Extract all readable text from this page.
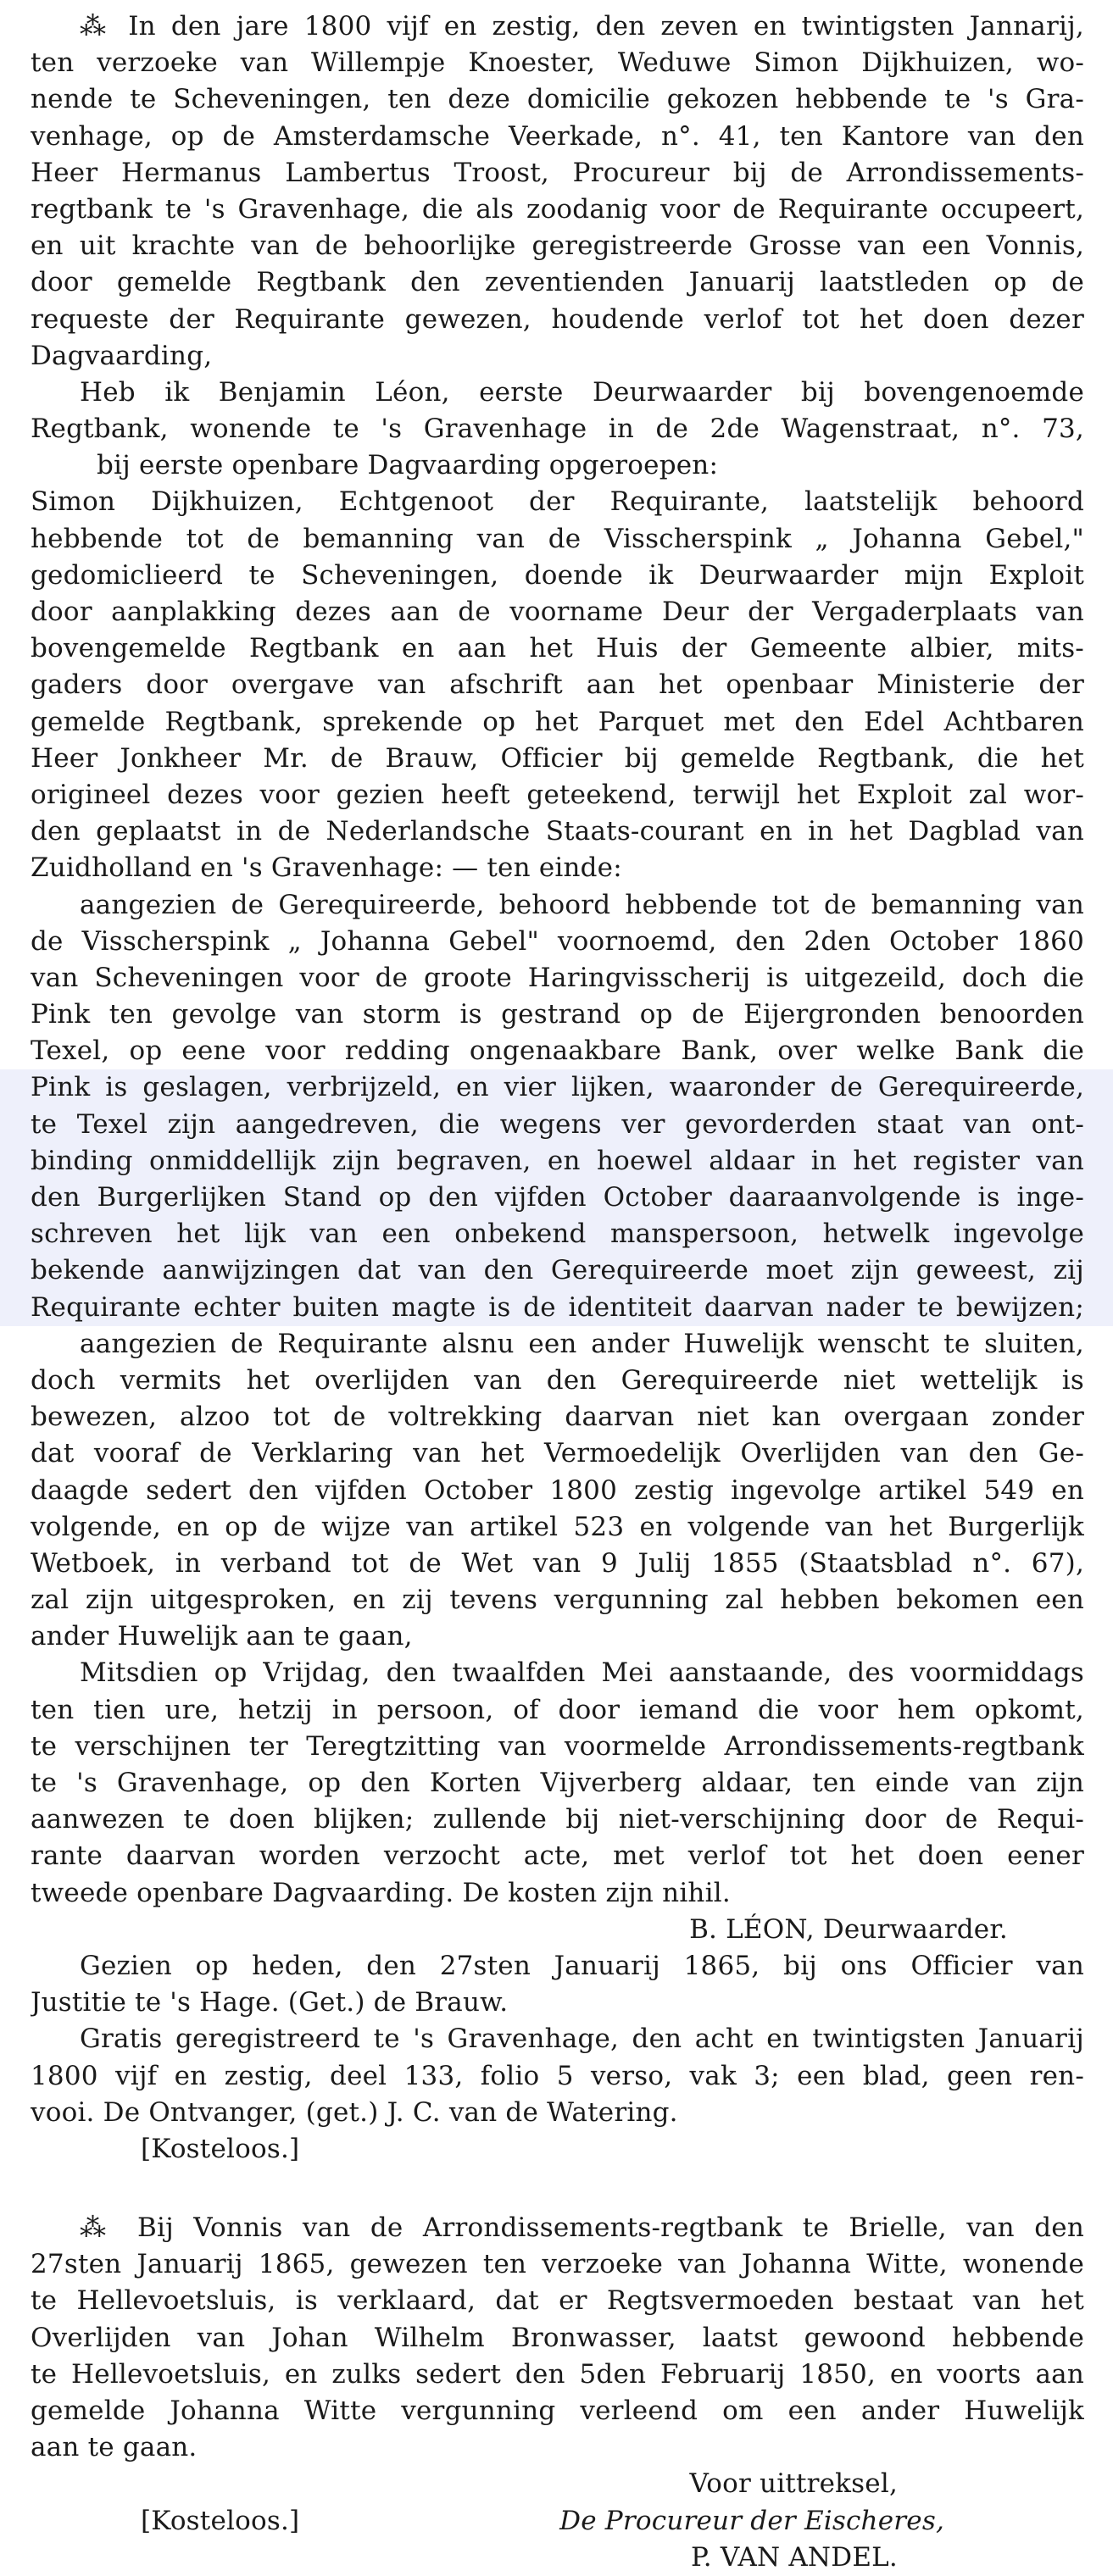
⁂ In den jare 1800 vijf en zestig, den zeven en twintigsten Jannarij,
ten verzoeke van Willempje Knoester, Weduwe Simon Dijkhuizen, wo-
nende te Scheveningen, ten deze domicilie gekozen hebbende te 's Gra-
venhage, op de Amsterdamsche Veerkade, n°. 41, ten Kantore van den
Heer Hermanus Lambertus Troost, Procureur bij de Arrondissements-
regtbank te 's Gravenhage, die als zoodanig voor de Requirante occupeert,
en uit krachte van de behoorlijke geregistreerde Grosse van een Vonnis,
door gemelde Regtbank den zeventienden Januarij laatstleden op de
requeste der Requirante gewezen, houdende verlof tot het doen dezer
Dagvaarding,
Heb ik Benjamin Léon, eerste Deurwaarder bij bovengenoemde
Regtbank, wonende te 's Gravenhage in de 2de Wagenstraat, n°. 73,
bij eerste openbare Dagvaarding opgeroepen:
Simon Dijkhuizen, Echtgenoot der Requirante, laatstelijk behoord
hebbende tot de bemanning van de Visscherspink „ Johanna Gebel,"
gedomiclieerd te Scheveningen, doende ik Deurwaarder mijn Exploit
door aanplakking dezes aan de voorname Deur der Vergaderplaats van
bovengemelde Regtbank en aan het Huis der Gemeente albier, mits-
gaders door overgave van afschrift aan het openbaar Ministerie der
gemelde Regtbank, sprekende op het Parquet met den Edel Achtbaren
Heer Jonkheer Mr. de Brauw, Officier bij gemelde Regtbank, die het
origineel dezes voor gezien heeft geteekend, terwijl het Exploit zal wor-
den geplaatst in de Nederlandsche Staats-courant en in het Dagblad van
Zuidholland en 's Gravenhage: — ten einde:
aangezien de Gerequireerde, behoord hebbende tot de bemanning van
de Visscherspink „ Johanna Gebel" voornoemd, den 2den October 1860
van Scheveningen voor de groote Haringvisscherij is uitgezeild, doch die
Pink ten gevolge van storm is gestrand op de Eijergronden benoorden
Texel, op eene voor redding ongenaakbare Bank, over welke Bank die
Pink is geslagen, verbrijzeld, en vier lijken, waaronder de Gerequireerde,
te Texel zijn aangedreven, die wegens ver gevorderden staat van ont-
binding onmiddellijk zijn begraven, en hoewel aldaar in het register van
den Burgerlijken Stand op den vijfden October daaraanvolgende is inge-
schreven het lijk van een onbekend manspersoon, hetwelk ingevolge
bekende aanwijzingen dat van den Gerequireerde moet zijn geweest, zij
Requirante echter buiten magte is de identiteit daarvan nader te bewijzen;
aangezien de Requirante alsnu een ander Huwelijk wenscht te sluiten,
doch vermits het overlijden van den Gerequireerde niet wettelijk is
bewezen, alzoo tot de voltrekking daarvan niet kan overgaan zonder
dat vooraf de Verklaring van het Vermoedelijk Overlijden van den Ge-
daagde sedert den vijfden October 1800 zestig ingevolge artikel 549 en
volgende, en op de wijze van artikel 523 en volgende van het Burgerlijk
Wetboek, in verband tot de Wet van 9 Julij 1855 (Staatsblad n°. 67),
zal zijn uitgesproken, en zij tevens vergunning zal hebben bekomen een
ander Huwelijk aan te gaan,
Mitsdien op Vrijdag, den twaalfden Mei aanstaande, des voormiddags
ten tien ure, hetzij in persoon, of door iemand die voor hem opkomt,
te verschijnen ter Teregtzitting van voormelde Arrondissements-regtbank
te 's Gravenhage, op den Korten Vijverberg aldaar, ten einde van zijn
aanwezen te doen blijken; zullende bij niet-verschijning door de Requi-
rante daarvan worden verzocht acte, met verlof tot het doen eener
tweede openbare Dagvaarding. De kosten zijn nihil.
B. LÉON, Deurwaarder.
Gezien op heden, den 27sten Januarij 1865, bij ons Officier van
Justitie te 's Hage. (Get.) de Brauw.
Gratis geregistreerd te 's Gravenhage, den acht en twintigsten Januarij
1800 vijf en zestig, deel 133, folio 5 verso, vak 3; een blad, geen ren-
vooi. De Ontvanger, (get.) J. C. van de Watering.
[Kosteloos.]
⁂ Bij Vonnis van de Arrondissements-regtbank te Brielle, van den
27sten Januarij 1865, gewezen ten verzoeke van Johanna Witte, wonende
te Hellevoetsluis, is verklaard, dat er Regtsvermoeden bestaat van het
Overlijden van Johan Wilhelm Bronwasser, laatst gewoond hebbende
te Hellevoetsluis, en zulks sedert den 5den Februarij 1850, en voorts aan
gemelde Johanna Witte vergunning verleend om een ander Huwelijk
aan te gaan.
Voor uittreksel,
[Kosteloos.]	De Procureur der Eischeres,
P. VAN ANDEL.
